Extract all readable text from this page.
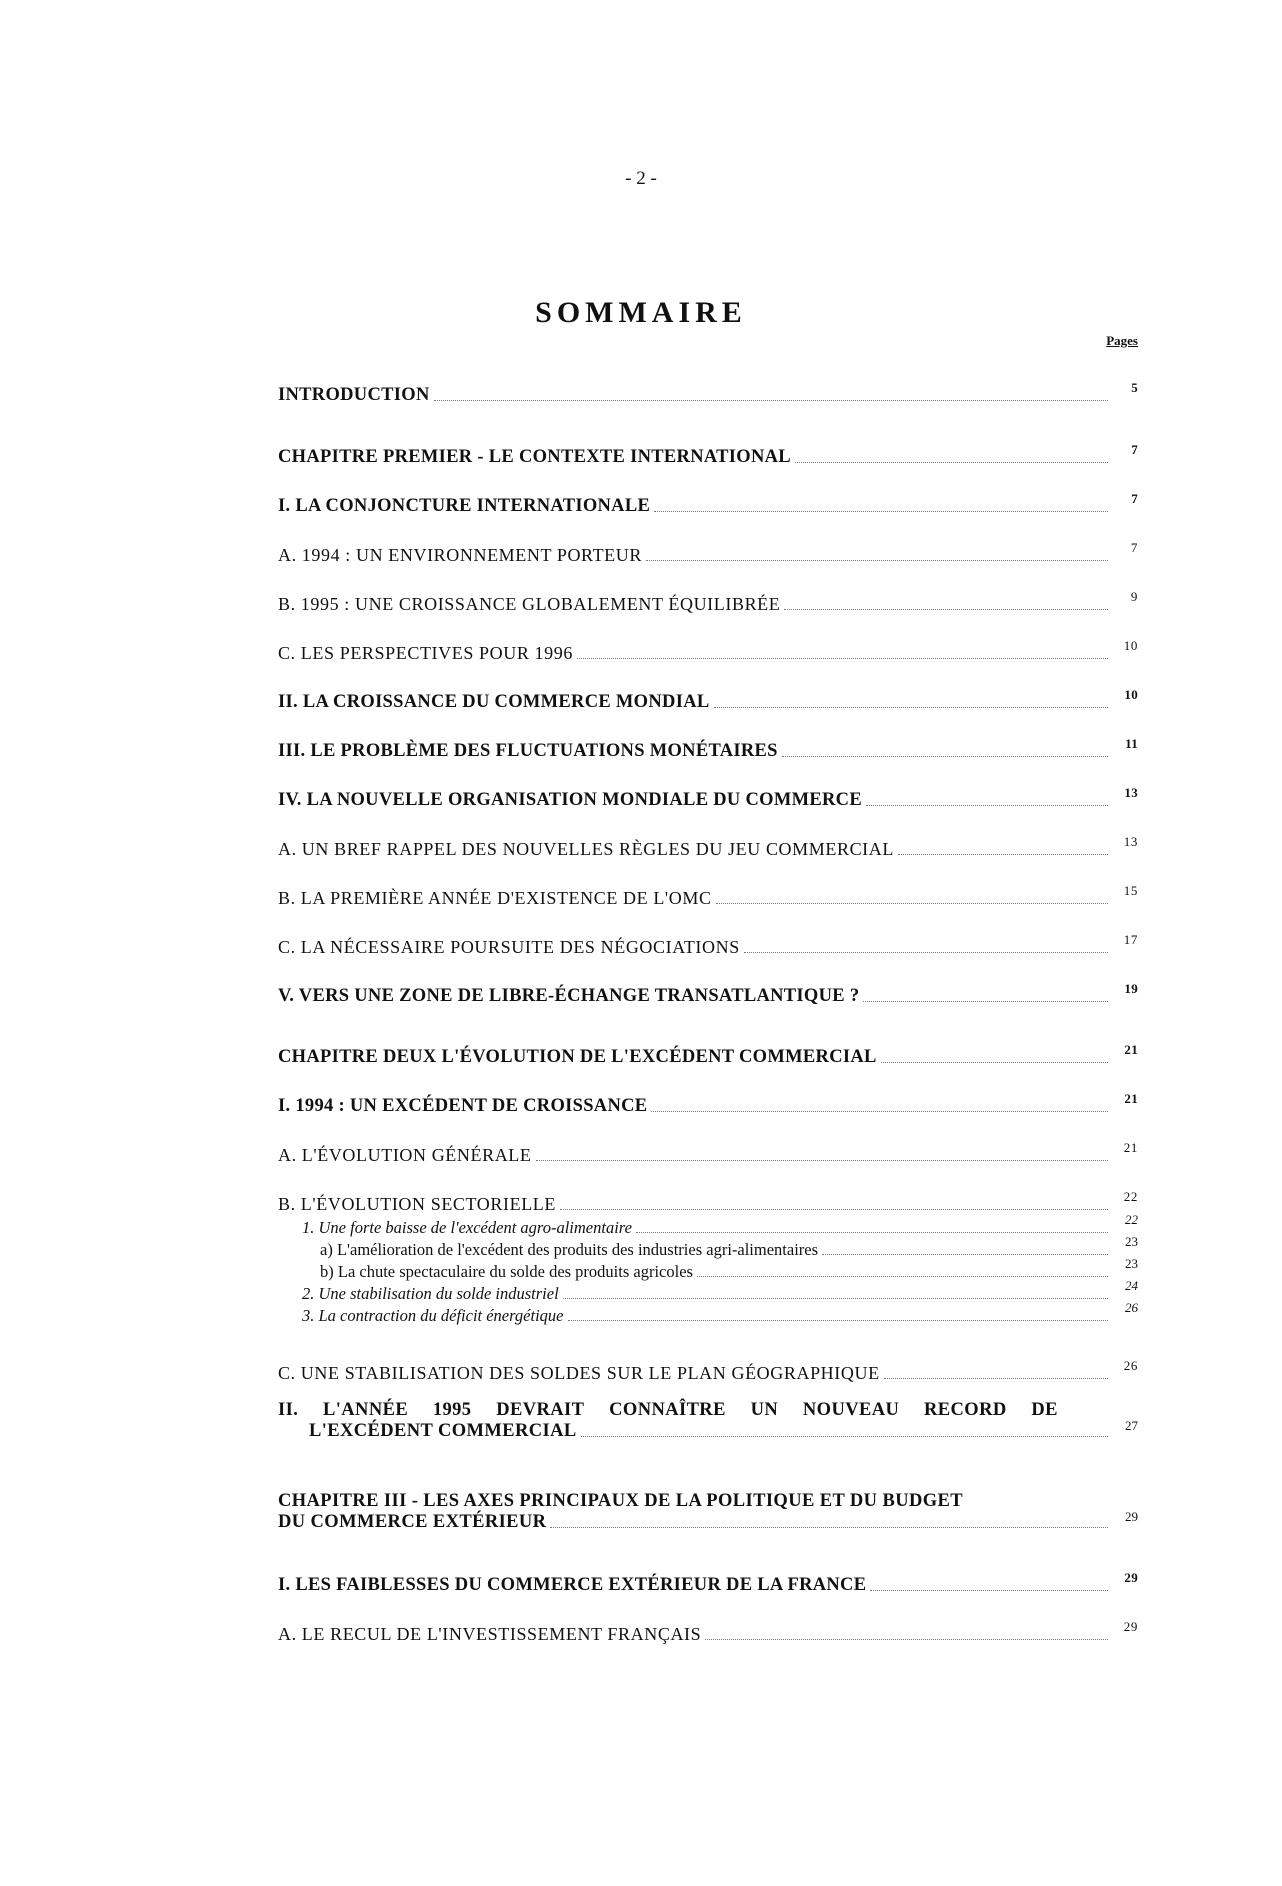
- 2 -
SOMMAIRE
Pages
INTRODUCTION	5
CHAPITRE PREMIER - LE CONTEXTE INTERNATIONAL	7
I. LA CONJONCTURE INTERNATIONALE	7
A. 1994 : UN ENVIRONNEMENT PORTEUR	7
B. 1995 : UNE CROISSANCE GLOBALEMENT ÉQUILIBRÉE	9
C. LES PERSPECTIVES POUR 1996	10
II. LA CROISSANCE DU COMMERCE MONDIAL	10
III. LE PROBLÈME DES FLUCTUATIONS MONÉTAIRES	11
IV. LA NOUVELLE ORGANISATION MONDIALE DU COMMERCE	13
A. UN BREF RAPPEL DES NOUVELLES RÈGLES DU JEU COMMERCIAL	13
B. LA PREMIÈRE ANNÉE D'EXISTENCE DE L'OMC	15
C. LA NÉCESSAIRE POURSUITE DES NÉGOCIATIONS	17
V. VERS UNE ZONE DE LIBRE-ÉCHANGE TRANSATLANTIQUE ?	19
CHAPITRE DEUX L'ÉVOLUTION DE L'EXCÉDENT COMMERCIAL	21
I. 1994 : UN EXCÉDENT DE CROISSANCE	21
A. L'ÉVOLUTION GÉNÉRALE	21
B. L'ÉVOLUTION SECTORIELLE	22
1. Une forte baisse de l'excédent agro-alimentaire	22
a) L'amélioration de l'excédent des produits des industries agri-alimentaires	23
b) La chute spectaculaire du solde des produits agricoles	23
2. Une stabilisation du solde industriel	24
3. La contraction du déficit énergétique	26
C. UNE STABILISATION DES SOLDES SUR LE PLAN GÉOGRAPHIQUE	26
II. L'ANNÉE 1995 DEVRAIT CONNAÎTRE UN NOUVEAU RECORD DE
L'EXCÉDENT COMMERCIAL	27
CHAPITRE III - LES AXES PRINCIPAUX DE LA POLITIQUE ET DU BUDGET
DU COMMERCE EXTÉRIEUR	29
I. LES FAIBLESSES DU COMMERCE EXTÉRIEUR DE LA FRANCE	29
A. LE RECUL DE L'INVESTISSEMENT FRANÇAIS	29
